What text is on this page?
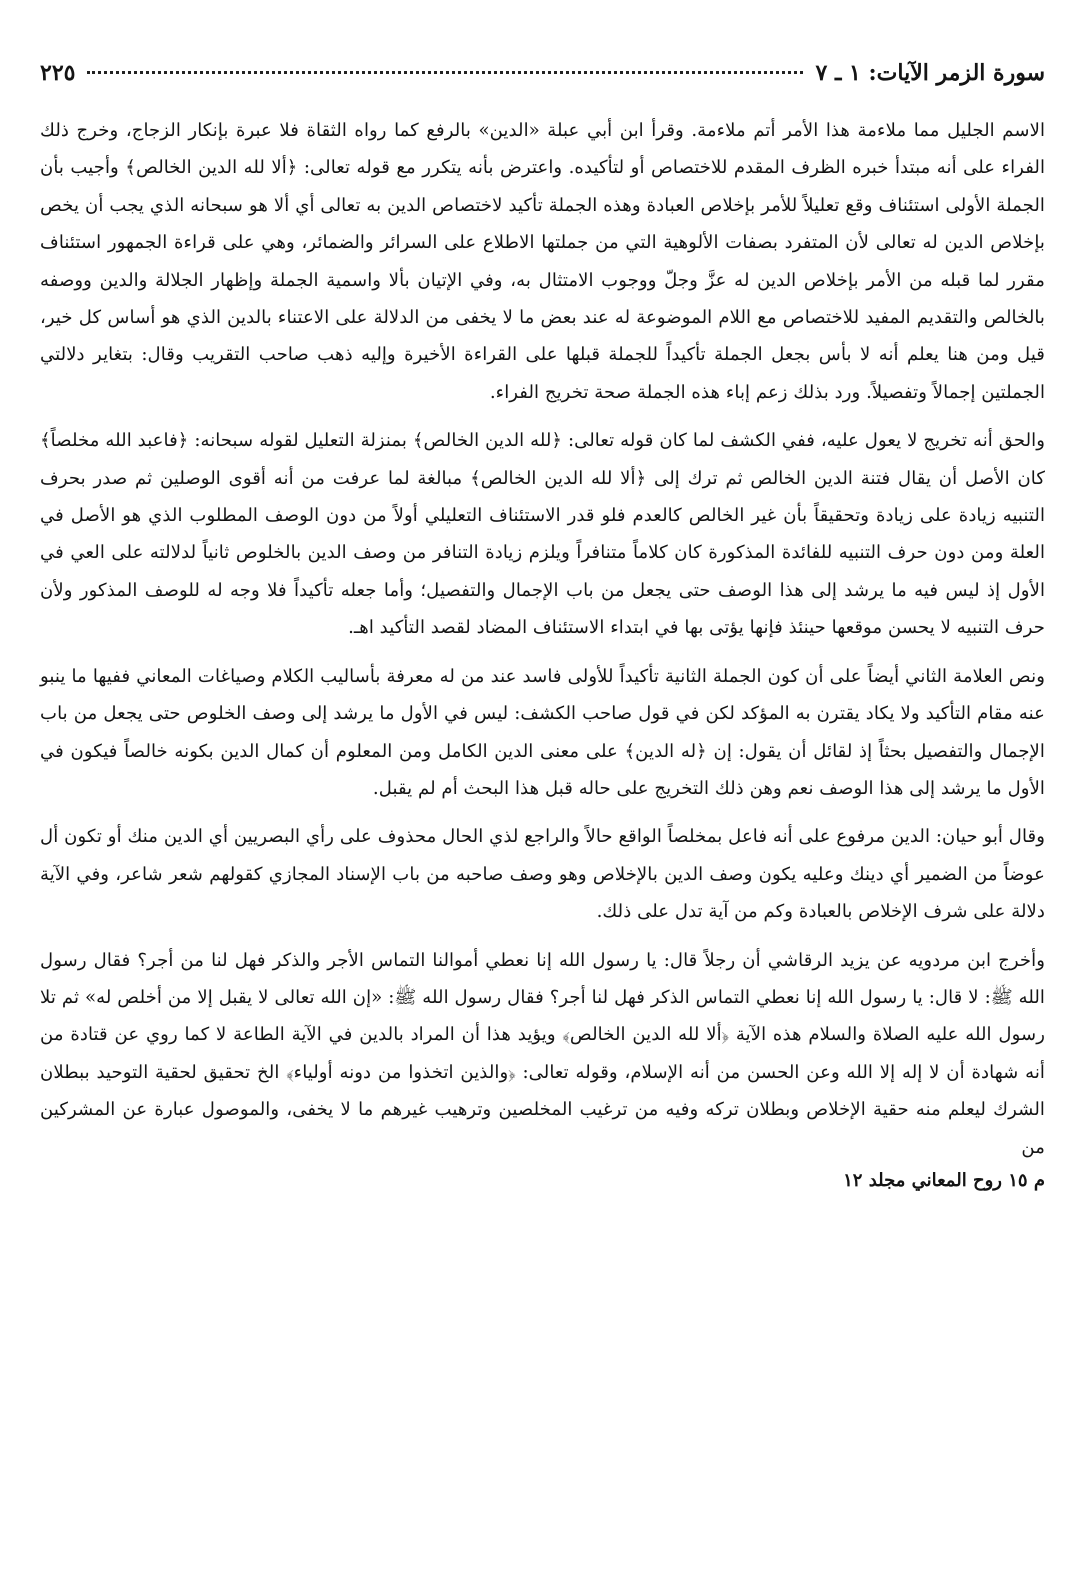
سورة الزمر الآيات: ١ ـ ٧
٢٢٥

الاسم الجليل مما ملاءمة هذا الأمر أتم ملاءمة. وقرأ ابن أبي عبلة «الدين» بالرفع كما رواه الثقاة فلا عبرة بإنكار الزجاج، وخرج ذلك الفراء على أنه مبتدأ خبره الظرف المقدم للاختصاص أو لتأكيده. واعترض بأنه يتكرر مع قوله تعالى: ﴿ألا لله الدين الخالص﴾ وأجيب بأن الجملة الأولى استئناف وقع تعليلاً للأمر بإخلاص العبادة وهذه الجملة تأكيد لاختصاص الدين به تعالى أي ألا هو سبحانه الذي يجب أن يخص بإخلاص الدين له تعالى لأن المتفرد بصفات الألوهية التي من جملتها الاطلاع على السرائر والضمائر، وهي على قراءة الجمهور استئناف مقرر لما قبله من الأمر بإخلاص الدين له عزَّ وجلّ ووجوب الامتثال به، وفي الإتيان بألا واسمية الجملة وإظهار الجلالة والدين ووصفه بالخالص والتقديم المفيد للاختصاص مع اللام الموضوعة له عند بعض ما لا يخفى من الدلالة على الاعتناء بالدين الذي هو أساس كل خير، قيل ومن هنا يعلم أنه لا بأس بجعل الجملة تأكيداً للجملة قبلها على القراءة الأخيرة وإليه ذهب صاحب التقريب وقال: بتغاير دلالتي الجملتين إجمالاً وتفصيلاً. ورد بذلك زعم إباء هذه الجملة صحة تخريج الفراء.

والحق أنه تخريج لا يعول عليه، ففي الكشف لما كان قوله تعالى: ﴿لله الدين الخالص﴾ بمنزلة التعليل لقوله سبحانه: ﴿فاعبد الله مخلصاً﴾ كان الأصل أن يقال فتنة الدين الخالص ثم ترك إلى ﴿ألا لله الدين الخالص﴾ مبالغة لما عرفت من أنه أقوى الوصلين ثم صدر بحرف التنبيه زيادة على زيادة وتحقيقاً بأن غير الخالص كالعدم فلو قدر الاستئناف التعليلي أولاً من دون الوصف المطلوب الذي هو الأصل في العلة ومن دون حرف التنبيه للفائدة المذكورة كان كلاماً متنافراً ويلزم زيادة التنافر من وصف الدين بالخلوص ثانياً لدلالته على العي في الأول إذ ليس فيه ما يرشد إلى هذا الوصف حتى يجعل من باب الإجمال والتفصيل؛ وأما جعله تأكيداً فلا وجه له للوصف المذكور ولأن حرف التنبيه لا يحسن موقعها حينئذ فإنها يؤتى بها في ابتداء الاستئناف المضاد لقصد التأكيد اهـ.

ونص العلامة الثاني أيضاً على أن كون الجملة الثانية تأكيداً للأولى فاسد عند من له معرفة بأساليب الكلام وصياغات المعاني ففيها ما ينبو عنه مقام التأكيد ولا يكاد يقترن به المؤكد لكن في قول صاحب الكشف: ليس في الأول ما يرشد إلى وصف الخلوص حتى يجعل من باب الإجمال والتفصيل بحثاً إذ لقائل أن يقول: إن ﴿له الدين﴾ على معنى الدين الكامل ومن المعلوم أن كمال الدين بكونه خالصاً فيكون في الأول ما يرشد إلى هذا الوصف نعم وهن ذلك التخريج على حاله قبل هذا البحث أم لم يقبل.

وقال أبو حيان: الدين مرفوع على أنه فاعل بمخلصاً الواقع حالاً والراجع لذي الحال محذوف على رأي البصريين أي الدين منك أو تكون أل عوضاً من الضمير أي دينك وعليه يكون وصف الدين بالإخلاص وهو وصف صاحبه من باب الإسناد المجازي كقولهم شعر شاعر، وفي الآية دلالة على شرف الإخلاص بالعبادة وكم من آية تدل على ذلك.

وأخرج ابن مردويه عن يزيد الرقاشي أن رجلاً قال: يا رسول الله إنا نعطي أموالنا التماس الأجر والذكر فهل لنا من أجر؟ فقال رسول الله ﷺ: لا قال: يا رسول الله إنا نعطي التماس الذكر فهل لنا أجر؟ فقال رسول الله ﷺ: «إن الله تعالى لا يقبل إلا من أخلص له» ثم تلا رسول الله عليه الصلاة والسلام هذه الآية ﴿ألا لله الدين الخالص﴾ ويؤيد هذا أن المراد بالدين في الآية الطاعة لا كما روي عن قتادة من أنه شهادة أن لا إله إلا الله وعن الحسن من أنه الإسلام، وقوله تعالى: ﴿والذين اتخذوا من دونه أولياء﴾ الخ تحقيق لحقية التوحيد ببطلان الشرك ليعلم منه حقية الإخلاص وبطلان تركه وفيه من ترغيب المخلصين وترهيب غيرهم ما لا يخفى، والموصول عبارة عن المشركين من

م ١٥ روح المعاني مجلد ١٢
